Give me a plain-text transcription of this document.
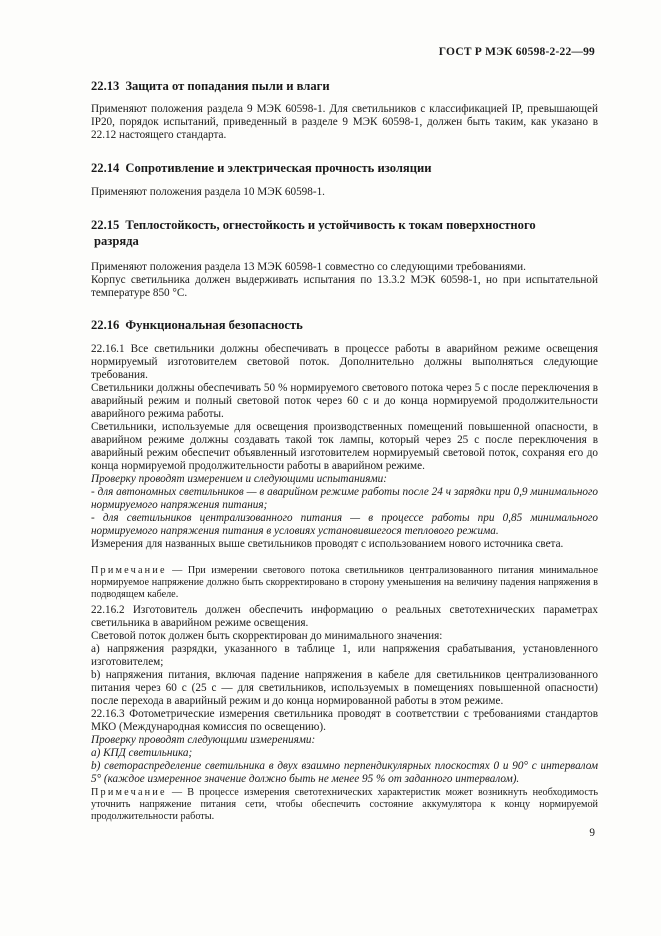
ГОСТ Р МЭК 60598-2-22—99
22.13 Защита от попадания пыли и влаги
Применяют положения раздела 9 МЭК 60598-1. Для светильников с классификацией IP, превышающей IP20, порядок испытаний, приведенный в разделе 9 МЭК 60598-1, должен быть таким, как указано в 22.12 настоящего стандарта.
22.14 Сопротивление и электрическая прочность изоляции
Применяют положения раздела 10 МЭК 60598-1.
22.15 Теплостойкость, огнестойкость и устойчивость к токам поверхностного
разряда
Применяют положения раздела 13 МЭК 60598-1 совместно со следующими требованиями.
Корпус светильника должен выдерживать испытания по 13.3.2 МЭК 60598-1, но при испытательной температуре 850 °С.
22.16 Функциональная безопасность
22.16.1 Все светильники должны обеспечивать в процессе работы в аварийном режиме освещения нормируемый изготовителем световой поток. Дополнительно должны выполняться следующие требования.
Светильники должны обеспечивать 50 % нормируемого светового потока через 5 с после переключения в аварийный режим и полный световой поток через 60 с и до конца нормируемой продолжительности аварийного режима работы.
Светильники, используемые для освещения производственных помещений повышенной опасности, в аварийном режиме должны создавать такой ток лампы, который через 25 с после переключения в аварийный режим обеспечит объявленный изготовителем нормируемый световой поток, сохраняя его до конца нормируемой продолжительности работы в аварийном режиме.
Проверку проводят измерением и следующими испытаниями:
- для автономных светильников — в аварийном режиме работы после 24 ч зарядки при 0,9 минимального нормируемого напряжения питания;
- для светильников централизованного питания — в процессе работы при 0,85 минимального нормируемого напряжения питания в условиях установившегося теплового режима.
Измерения для названных выше светильников проводят с использованием нового источника света.
Примечание — При измерении светового потока светильников централизованного питания минимальное нормируемое напряжение должно быть скорректировано в сторону уменьшения на величину падения напряжения в подводящем кабеле.
22.16.2 Изготовитель должен обеспечить информацию о реальных светотехнических параметрах светильника в аварийном режиме освещения.
Световой поток должен быть скорректирован до минимального значения:
а) напряжения разрядки, указанного в таблице 1, или напряжения срабатывания, установленного изготовителем;
b) напряжения питания, включая падение напряжения в кабеле для светильников централизованного питания через 60 с (25 с — для светильников, используемых в помещениях повышенной опасности) после перехода в аварийный режим и до конца нормированной работы в этом режиме.
22.16.3 Фотометрические измерения светильника проводят в соответствии с требованиями стандартов МКО (Международная комиссия по освещению).
Проверку проводят следующими измерениями:
а) КПД светильника;
b) светораспределение светильника в двух взаимно перпендикулярных плоскостях 0 и 90° с интервалом 5° (каждое измеренное значение должно быть не менее 95 % от заданного интервалом).
Примечание — В процессе измерения светотехнических характеристик может возникнуть необходимость уточнить напряжение питания сети, чтобы обеспечить состояние аккумулятора к концу нормируемой продолжительности работы.
9
